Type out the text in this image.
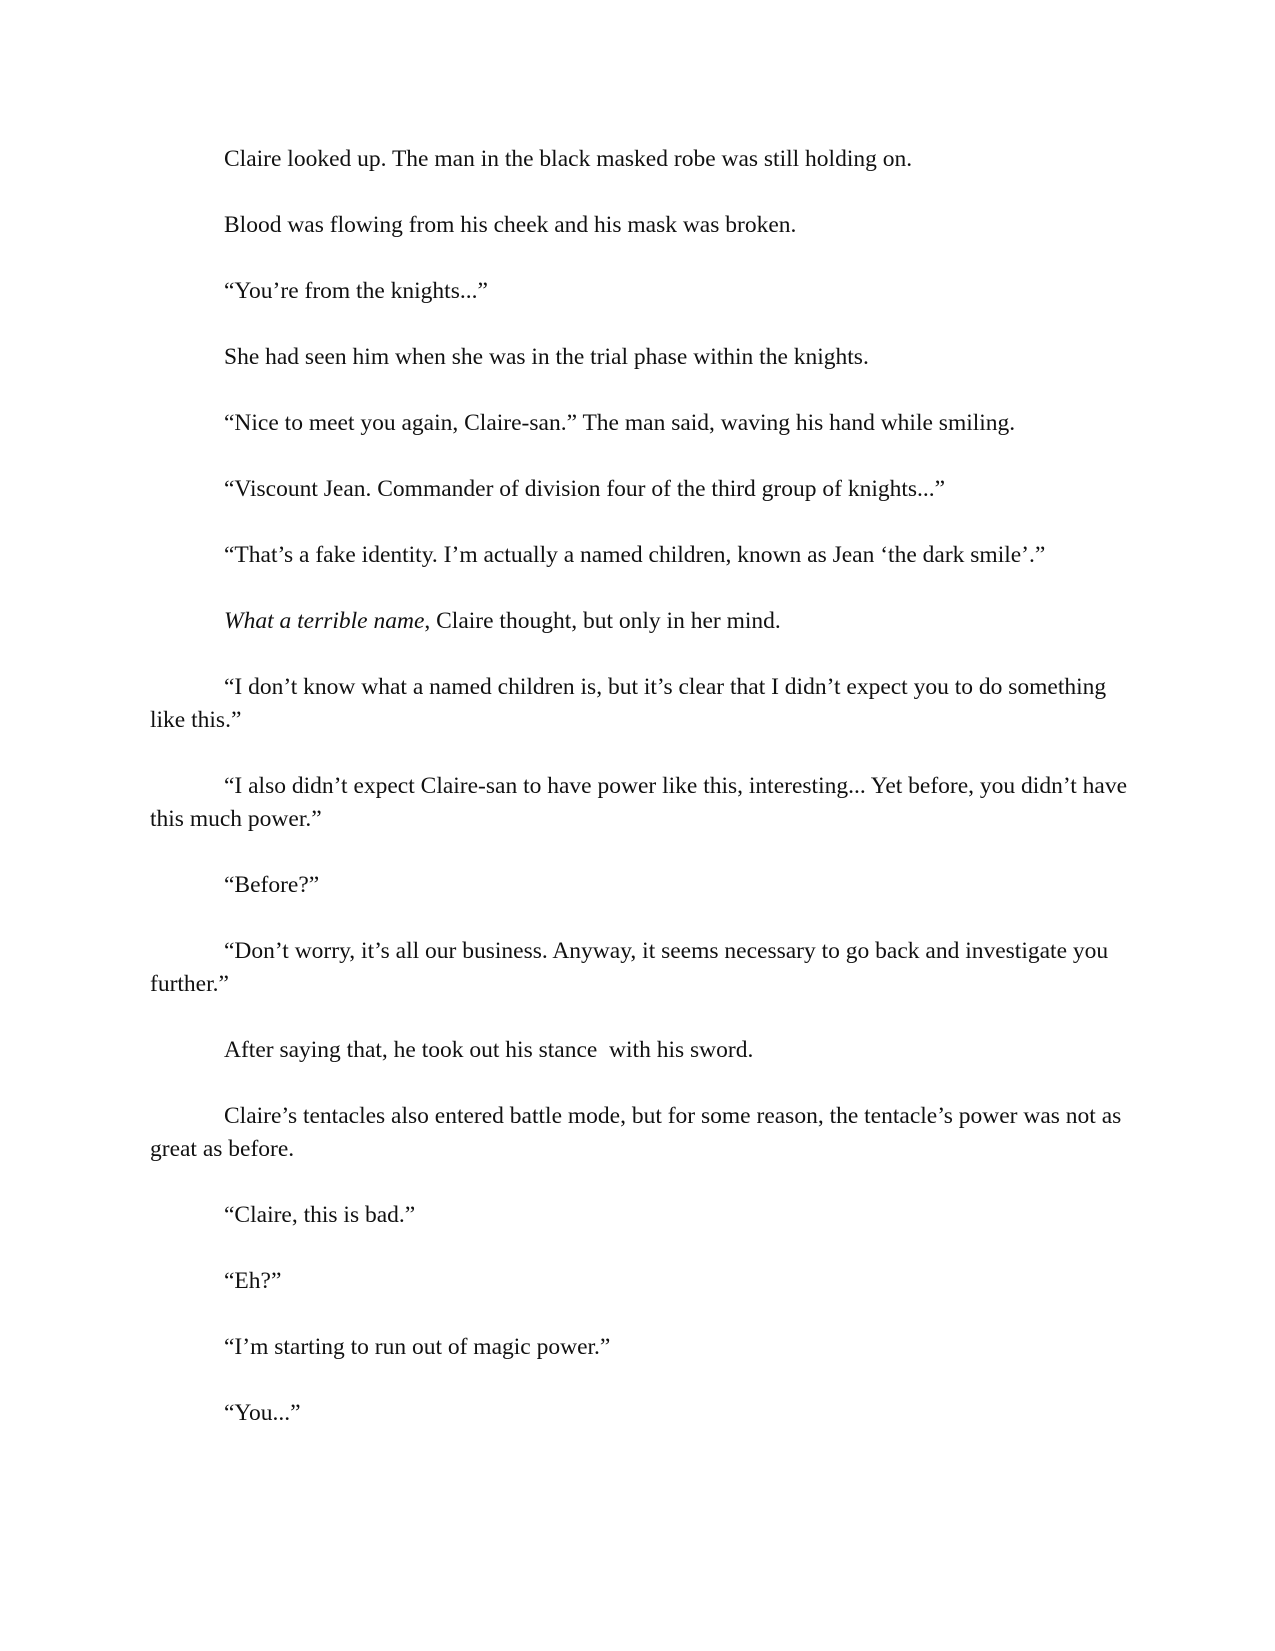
Claire looked up. The man in the black masked robe was still holding on.

Blood was flowing from his cheek and his mask was broken.

“You’re from the knights...”

She had seen him when she was in the trial phase within the knights.

“Nice to meet you again, Claire-san.” The man said, waving his hand while smiling.

“Viscount Jean. Commander of division four of the third group of knights...”

“That’s a fake identity. I’m actually a named children, known as Jean ‘the dark smile’.”

What a terrible name, Claire thought, but only in her mind.

“I don’t know what a named children is, but it’s clear that I didn’t expect you to do something like this.”

“I also didn’t expect Claire-san to have power like this, interesting... Yet before, you didn’t have this much power.”

“Before?”

“Don’t worry, it’s all our business. Anyway, it seems necessary to go back and investigate you further.”

After saying that, he took out his stance  with his sword.

Claire’s tentacles also entered battle mode, but for some reason, the tentacle’s power was not as great as before.

“Claire, this is bad.”

“Eh?”

“I’m starting to run out of magic power.”

“You...”
